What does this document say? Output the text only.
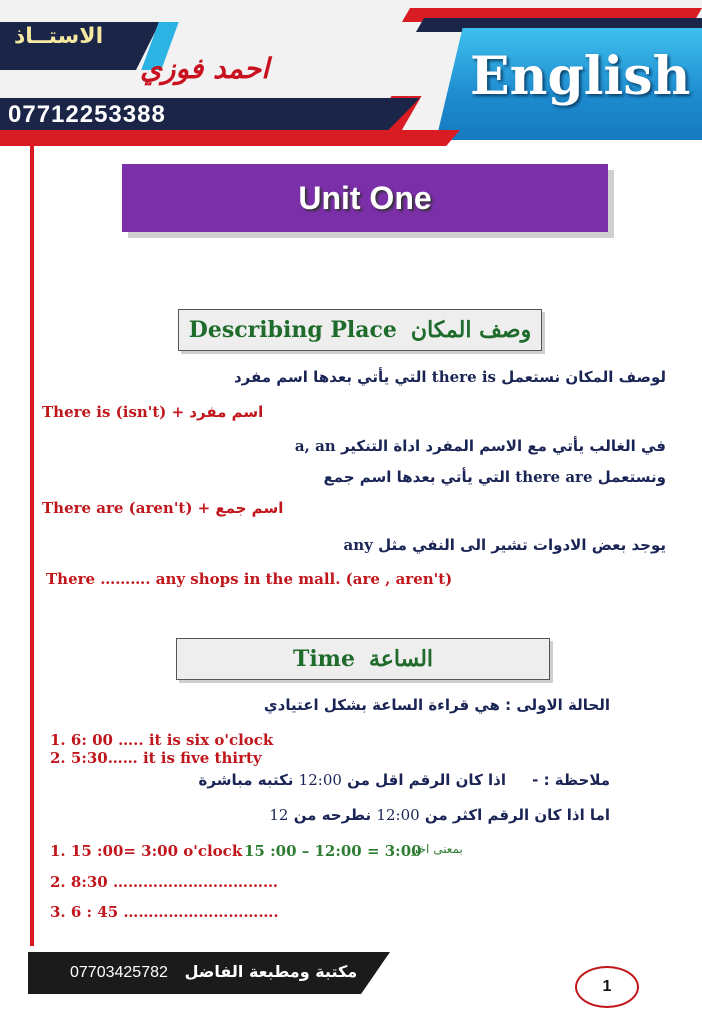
English
الاستــاذ
احمد فوزي
07712253388
Unit One
Describing Place وصف المكان
لوصف المكان نستعمل there is التي يأتي بعدها اسم مفرد
There is (isn't) + اسم مفرد
في الغالب يأتي مع الاسم المفرد اداة التنكير a, an
ونستعمل there are التي يأتي بعدها اسم جمع
There are (aren't) + اسم جمع
يوجد بعض الادوات تشير الى النفي مثل any
There ………. any shops in the mall. (are , aren't)
Time الساعة
الحالة الاولى : هي قراءة الساعة بشكل اعتيادي
1. 6: 00 ….. it is six o'clock
2. 5:30…… it is five thirty
ملاحظة : -     اذا كان الرقم اقل من 12:00 نكتبه مباشرة
اما اذا كان الرقم اكثر من 12:00 نطرحه من 12
1. 15 :00= 3:00 o'clock 15 :00 – 12:00 = 3:00
بمعنى اخر
2. 8:30 ……………………………
3. 6 : 45 ………………………….
07703425782 مكتبة ومطبعة الفاضل
1
